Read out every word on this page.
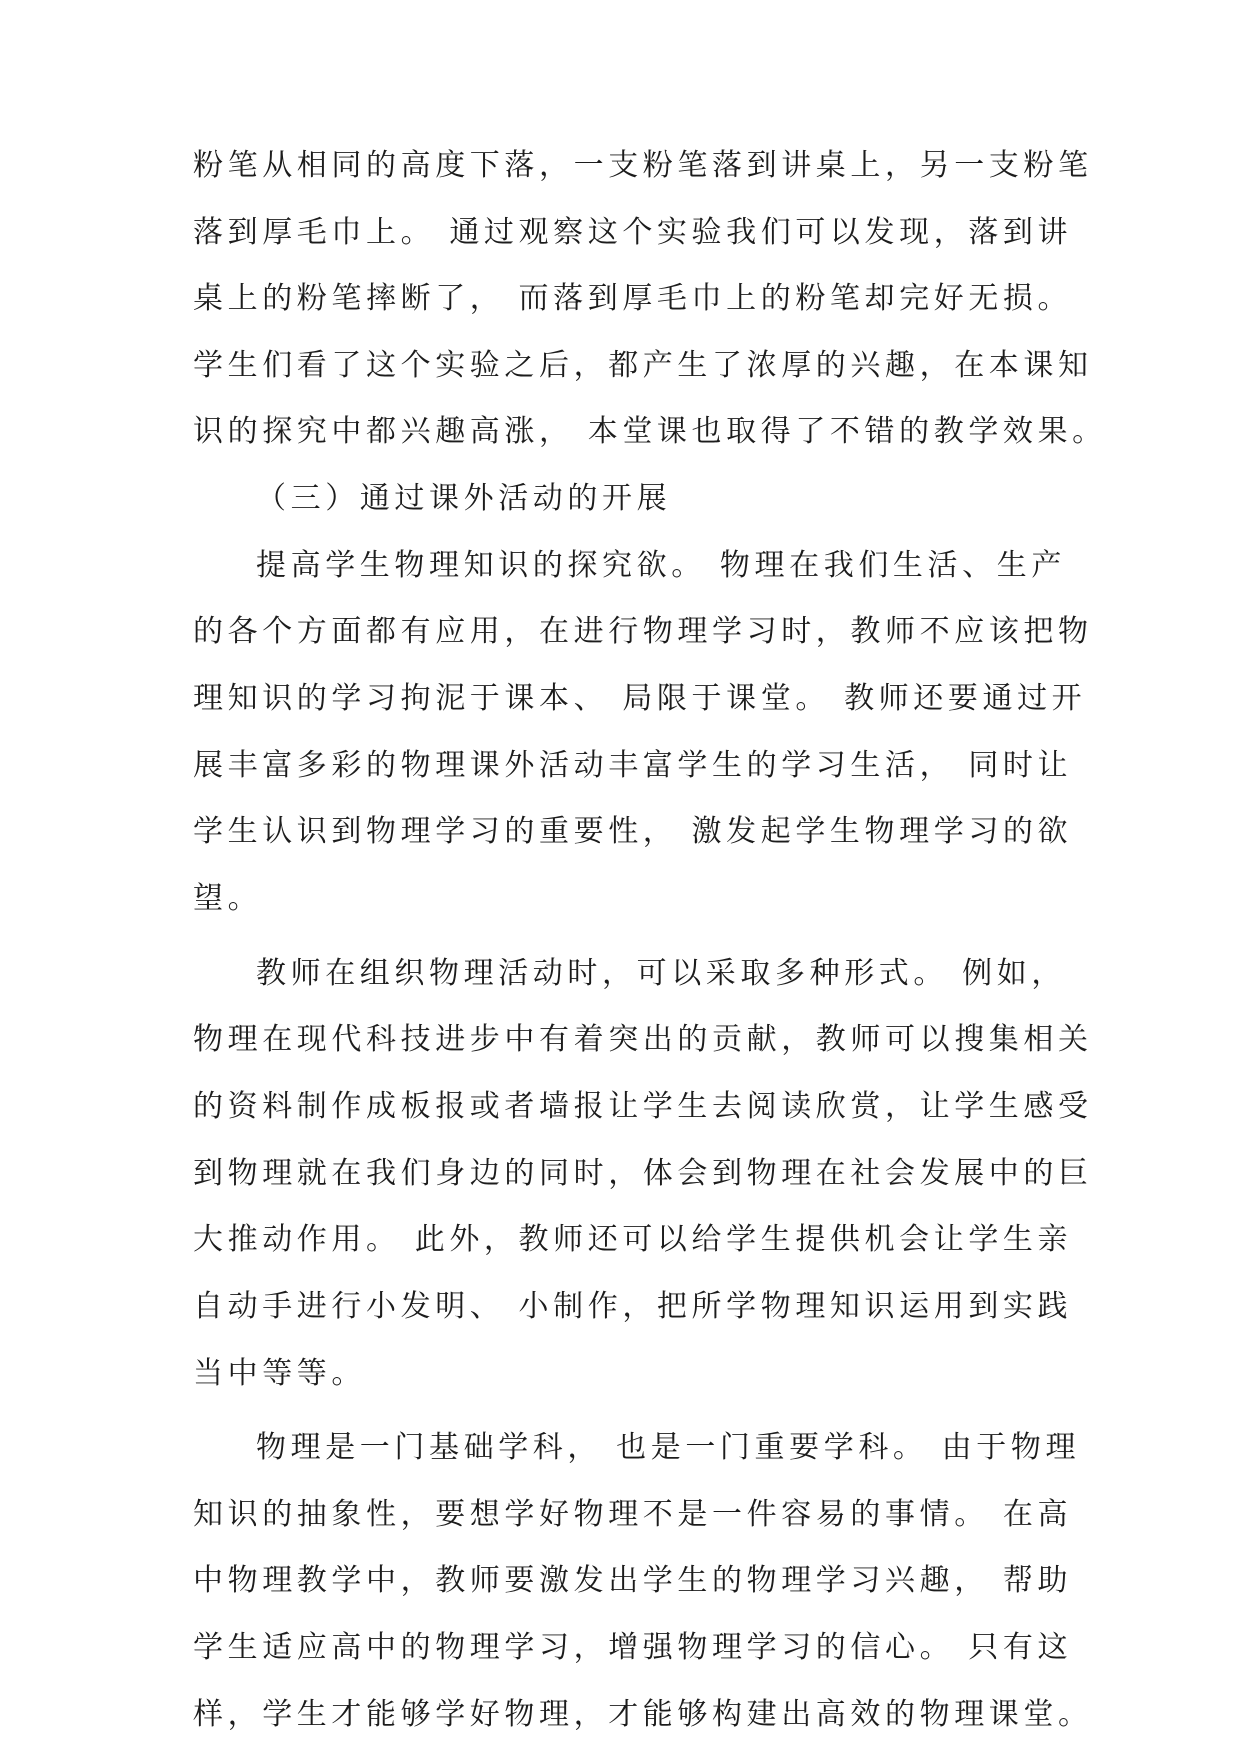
粉笔从相同的高度下落，一支粉笔落到讲桌上，另一支粉笔
落到厚毛巾上。 通过观察这个实验我们可以发现，落到讲
桌上的粉笔摔断了， 而落到厚毛巾上的粉笔却完好无损。
学生们看了这个实验之后，都产生了浓厚的兴趣，在本课知
识的探究中都兴趣高涨， 本堂课也取得了不错的教学效果。
（三）通过课外活动的开展
提高学生物理知识的探究欲。 物理在我们生活、生产
的各个方面都有应用，在进行物理学习时，教师不应该把物
理知识的学习拘泥于课本、 局限于课堂。 教师还要通过开
展丰富多彩的物理课外活动丰富学生的学习生活， 同时让
学生认识到物理学习的重要性， 激发起学生物理学习的欲
望。
教师在组织物理活动时，可以采取多种形式。 例如，
物理在现代科技进步中有着突出的贡献，教师可以搜集相关
的资料制作成板报或者墙报让学生去阅读欣赏，让学生感受
到物理就在我们身边的同时，体会到物理在社会发展中的巨
大推动作用。 此外，教师还可以给学生提供机会让学生亲
自动手进行小发明、 小制作，把所学物理知识运用到实践
当中等等。
物理是一门基础学科， 也是一门重要学科。 由于物理
知识的抽象性，要想学好物理不是一件容易的事情。 在高
中物理教学中，教师要激发出学生的物理学习兴趣， 帮助
学生适应高中的物理学习，增强物理学习的信心。 只有这
样，学生才能够学好物理，才能够构建出高效的物理课堂。
